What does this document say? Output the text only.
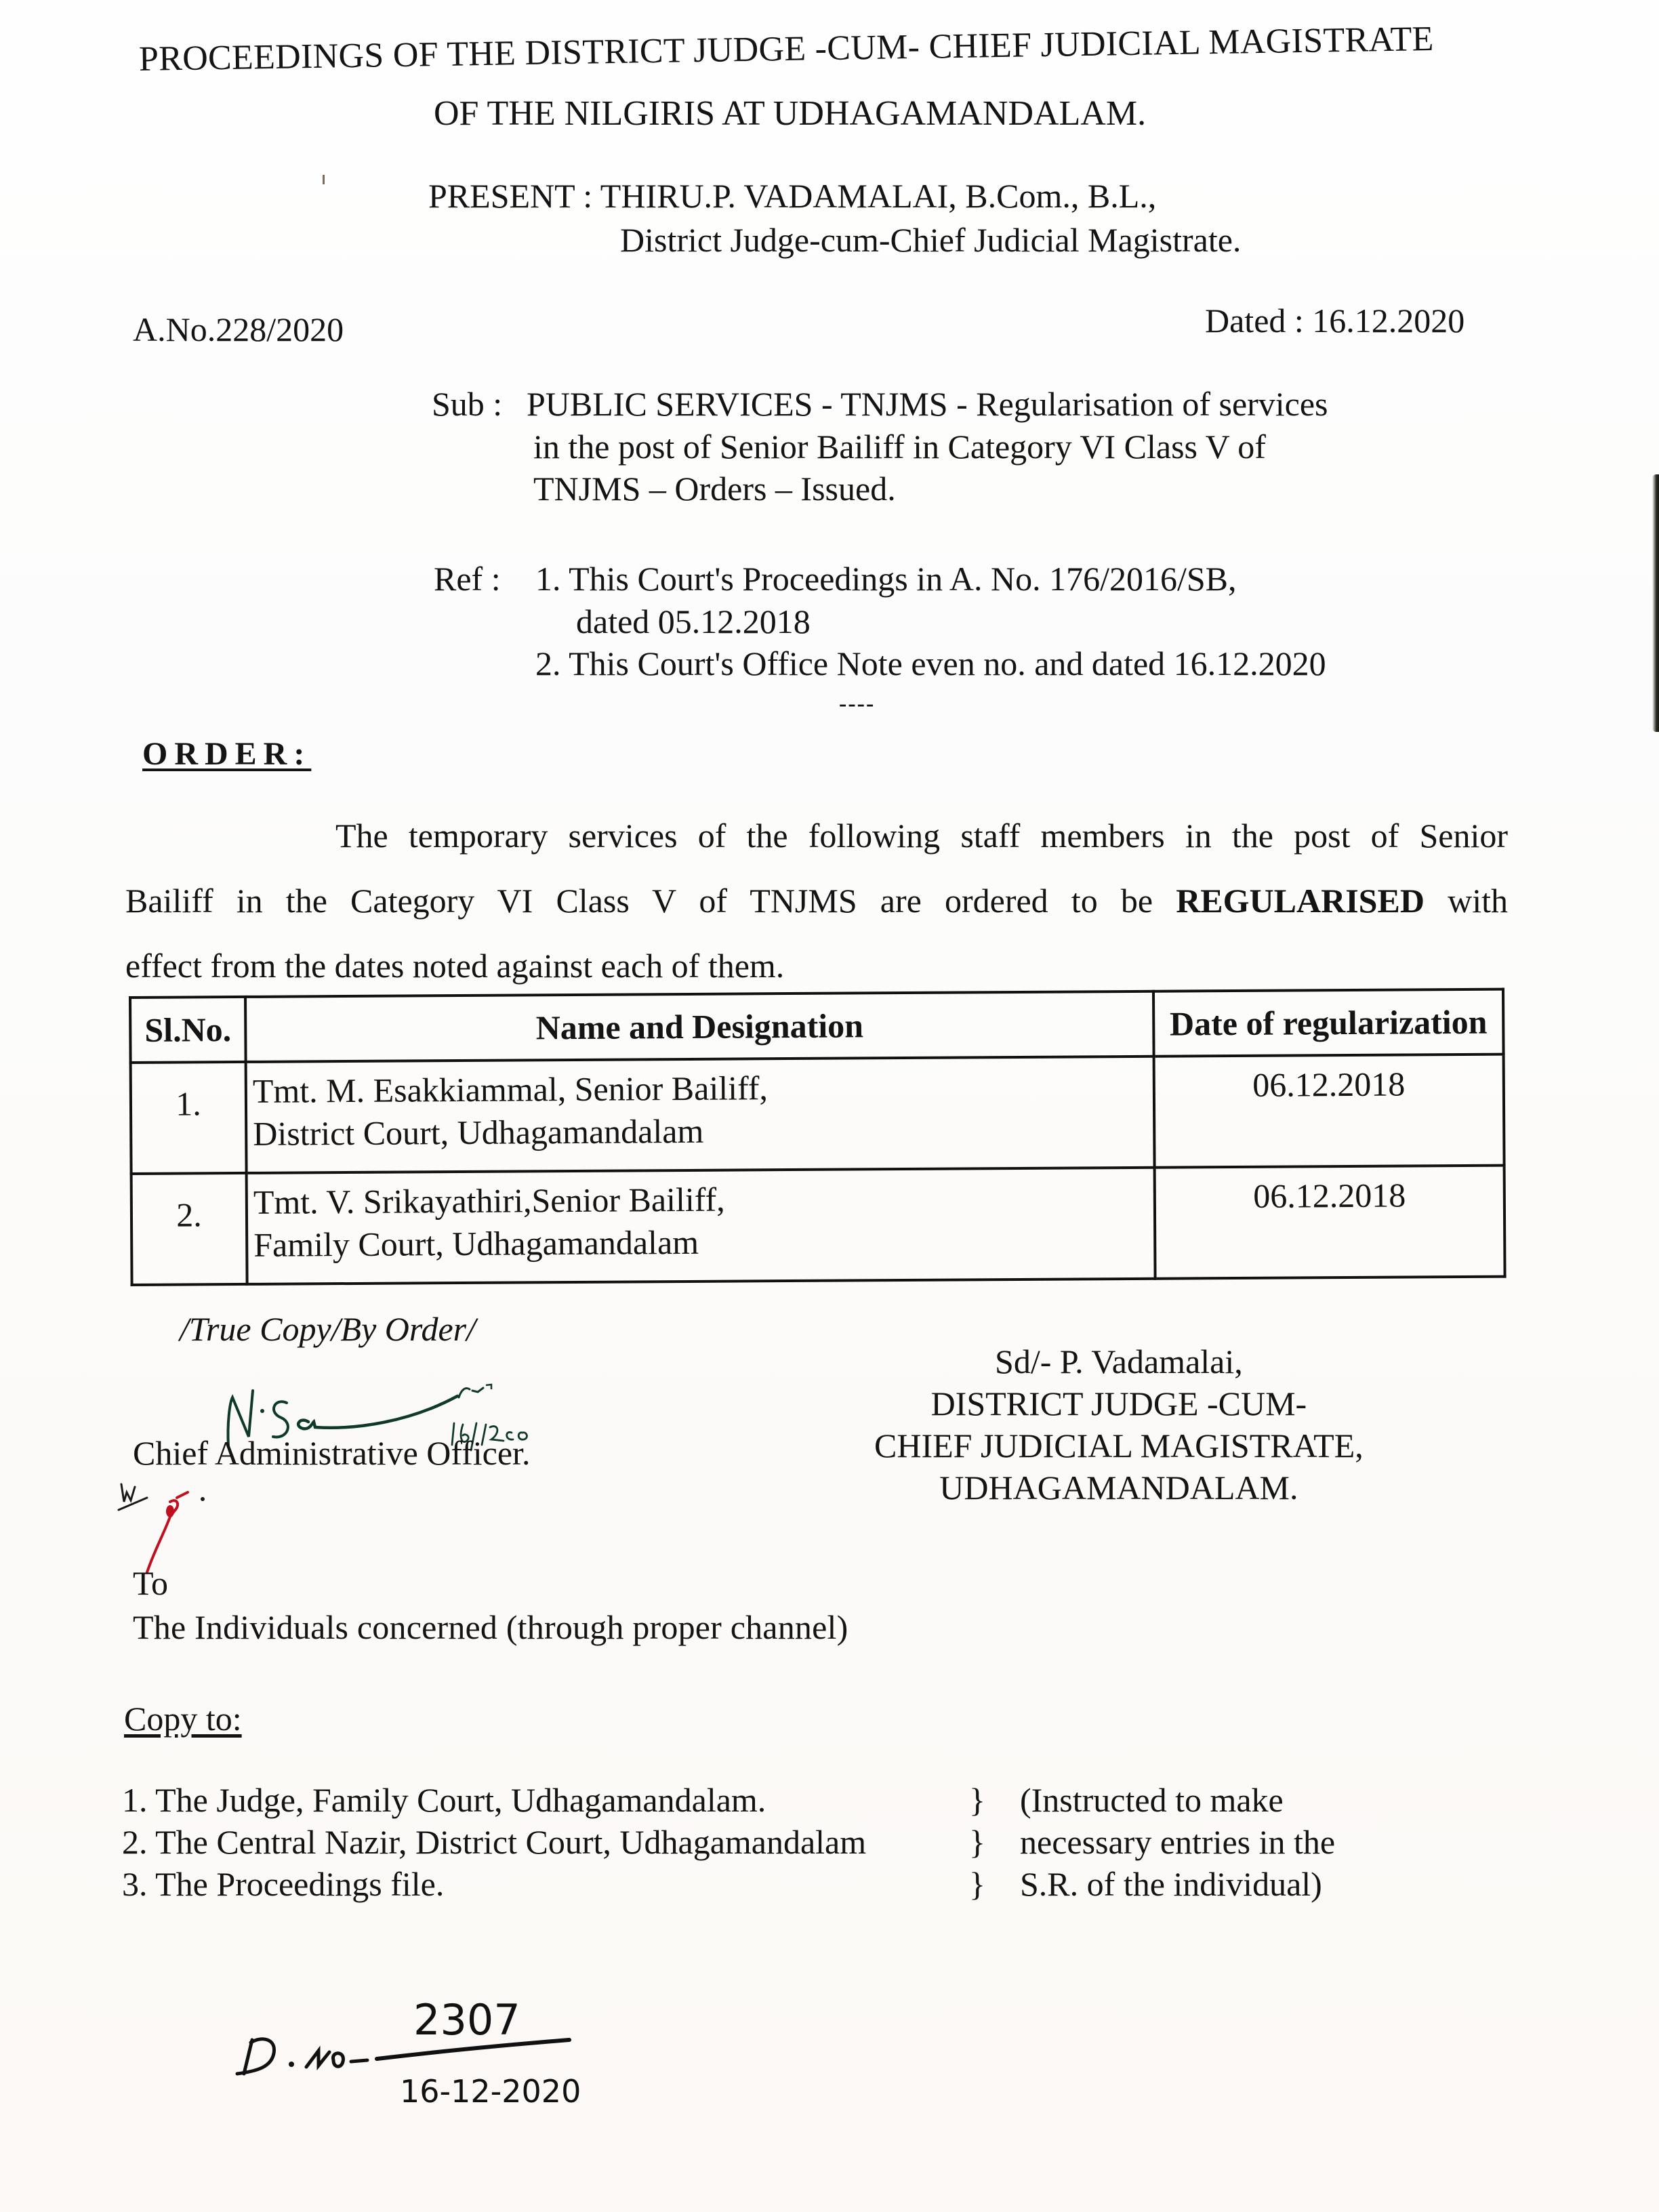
PROCEEDINGS OF THE DISTRICT JUDGE -CUM- CHIEF JUDICIAL MAGISTRATE
OF THE NILGIRIS AT UDHAGAMANDALAM.
PRESENT : THIRU.P. VADAMALAI, B.Com., B.L.,
District Judge-cum-Chief Judicial Magistrate.
A.No.228/2020	Dated : 16.12.2020
Sub : PUBLIC SERVICES - TNJMS - Regularisation of services
in the post of Senior Bailiff in Category VI Class V of
TNJMS – Orders – Issued.
Ref : 1. This Court's Proceedings in A. No. 176/2016/SB,
dated 05.12.2018
2. This Court's Office Note even no. and dated 16.12.2020
----
ORDER:
The temporary services of the following staff members in the post of Senior
Bailiff in the Category VI Class V of TNJMS are ordered to be REGULARISED with
effect from the dates noted against each of them.
Sl.No.	Name and Designation	Date of regularization
1.	Tmt. M. Esakkiammal, Senior Bailiff,
District Court, Udhagamandalam	06.12.2018
2.	Tmt. V. Srikayathiri,Senior Bailiff,
Family Court, Udhagamandalam	06.12.2018
/True Copy/By Order/
Sd/- P. Vadamalai,
DISTRICT JUDGE -CUM-
CHIEF JUDICIAL MAGISTRATE,
UDHAGAMANDALAM.
Chief Administrative Officer.
To
The Individuals concerned (through proper channel)
Copy to:
1. The Judge, Family Court, Udhagamandalam.	}	(Instructed to make
2. The Central Nazir, District Court, Udhagamandalam	}	necessary entries in the
3. The Proceedings file.	}	S.R. of the individual)
2307
16-12-2020
